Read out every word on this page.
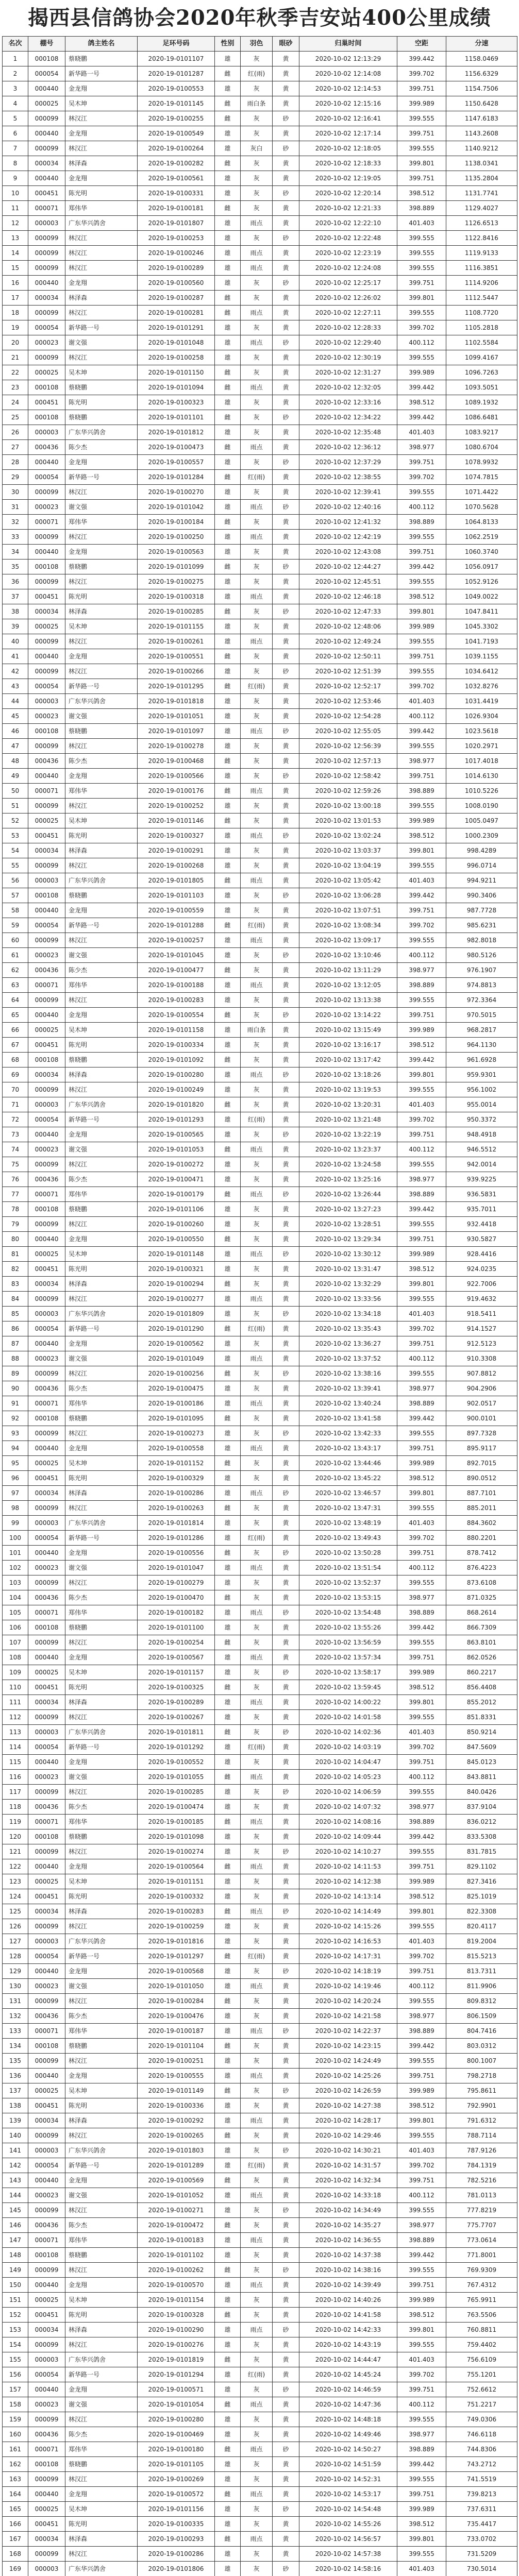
揭西县信鸽协会2020年秋季吉安站400公里成绩
名次	棚号	鸽主姓名	足环号码	性别	羽色	眼砂	归巢时间	空距	分速
1	000108	蔡晓鹏	2020-19-0101107	雄	灰	黄	2020-10-02 12:13:29	399.442	1158.0469
2	000054	新华路一号	2020-19-0101287	雌	红(雨)	黄	2020-10-02 12:14:08	399.702	1156.6329
3	000440	金龙翔	2020-19-0100553	雄	灰	黄	2020-10-02 12:14:53	399.751	1154.7506
4	000025	吴木坤	2020-19-0101145	雌	雨白条	黄	2020-10-02 12:15:16	399.989	1150.6428
5	000099	林汉江	2020-19-0100255	雌	灰	砂	2020-10-02 12:16:41	399.555	1147.6183
6	000440	金龙翔	2020-19-0100549	雄	灰	黄	2020-10-02 12:17:14	399.751	1143.2608
7	000099	林汉江	2020-19-0100264	雄	灰白	砂	2020-10-02 12:18:05	399.555	1140.9212
8	000034	林泽森	2020-19-0100282	雌	灰	黄	2020-10-02 12:18:33	399.801	1138.0341
9	000440	金龙翔	2020-19-0100561	雄	灰	黄	2020-10-02 12:19:05	399.751	1135.2804
10	000451	陈光明	2020-19-0100331	雄	灰	砂	2020-10-02 12:20:14	398.512	1131.7741
11	000071	郑伟华	2020-19-0100181	雌	灰	黄	2020-10-02 12:21:33	398.889	1129.4027
12	000003	广东华兴鸽舍	2020-19-0101807	雄	雨点	黄	2020-10-02 12:22:10	401.403	1126.6513
13	000099	林汉江	2020-19-0100253	雄	灰	砂	2020-10-02 12:22:48	399.555	1122.8416
14	000099	林汉江	2020-19-0100246	雄	雨点	黄	2020-10-02 12:23:19	399.555	1119.9133
15	000099	林汉江	2020-19-0100289	雄	雨点	黄	2020-10-02 12:24:08	399.555	1116.3851
16	000440	金龙翔	2020-19-0100560	雄	灰	砂	2020-10-02 12:25:17	399.751	1114.9206
17	000034	林泽森	2020-19-0100287	雌	灰	黄	2020-10-02 12:26:02	399.801	1112.5447
18	000099	林汉江	2020-19-0100281	雌	雨点	黄	2020-10-02 12:27:11	399.555	1108.7720
19	000054	新华路一号	2020-19-0101291	雄	灰	黄	2020-10-02 12:28:33	399.702	1105.2818
20	000023	谢文强	2020-19-0101048	雄	雨点	砂	2020-10-02 12:29:40	400.112	1102.5584
21	000099	林汉江	2020-19-0100258	雄	灰	黄	2020-10-02 12:30:19	399.555	1099.4167
22	000025	吴木坤	2020-19-0101150	雌	灰	黄	2020-10-02 12:31:27	399.989	1096.7263
23	000108	蔡晓鹏	2020-19-0101094	雌	雨点	黄	2020-10-02 12:32:05	399.442	1093.5051
24	000451	陈光明	2020-19-0100323	雄	灰	黄	2020-10-02 12:33:16	398.512	1089.1932
25	000108	蔡晓鹏	2020-19-0101101	雌	灰	砂	2020-10-02 12:34:22	399.442	1086.6481
26	000003	广东华兴鸽舍	2020-19-0101812	雄	灰	黄	2020-10-02 12:35:48	401.403	1083.9217
27	000436	陈少杰	2020-19-0100473	雌	雨点	黄	2020-10-02 12:36:12	398.977	1080.6704
28	000440	金龙翔	2020-19-0100557	雄	灰	砂	2020-10-02 12:37:29	399.751	1078.9932
29	000054	新华路一号	2020-19-0101284	雌	红(雨)	黄	2020-10-02 12:38:55	399.702	1074.7815
30	000099	林汉江	2020-19-0100270	雄	灰	黄	2020-10-02 12:39:41	399.555	1071.4422
31	000023	谢文强	2020-19-0101042	雄	雨点	砂	2020-10-02 12:40:16	400.112	1070.5628
32	000071	郑伟华	2020-19-0100184	雌	灰	黄	2020-10-02 12:41:32	398.889	1064.8133
33	000099	林汉江	2020-19-0100250	雄	雨点	黄	2020-10-02 12:42:19	399.555	1062.2519
34	000440	金龙翔	2020-19-0100563	雄	灰	黄	2020-10-02 12:43:08	399.751	1060.3740
35	000108	蔡晓鹏	2020-19-0101099	雌	灰	砂	2020-10-02 12:44:27	399.442	1056.0917
36	000099	林汉江	2020-19-0100275	雄	灰	黄	2020-10-02 12:45:51	399.555	1052.9126
37	000451	陈光明	2020-19-0100318	雄	雨点	黄	2020-10-02 12:46:18	398.512	1049.0022
38	000034	林泽森	2020-19-0100285	雌	灰	砂	2020-10-02 12:47:33	399.801	1047.8411
39	000025	吴木坤	2020-19-0101155	雄	灰	黄	2020-10-02 12:48:06	399.989	1045.3302
40	000099	林汉江	2020-19-0100261	雄	雨点	黄	2020-10-02 12:49:24	399.555	1041.7193
41	000440	金龙翔	2020-19-0100551	雌	灰	黄	2020-10-02 12:50:11	399.751	1039.1155
42	000099	林汉江	2020-19-0100266	雄	灰	砂	2020-10-02 12:51:39	399.555	1034.6412
43	000054	新华路一号	2020-19-0101295	雌	红(雨)	黄	2020-10-02 12:52:17	399.702	1032.8276
44	000003	广东华兴鸽舍	2020-19-0101818	雄	灰	黄	2020-10-02 12:53:46	401.403	1031.4419
45	000023	谢文强	2020-19-0101051	雄	灰	黄	2020-10-02 12:54:28	400.112	1026.9304
46	000108	蔡晓鹏	2020-19-0101097	雄	雨点	砂	2020-10-02 12:55:05	399.442	1023.5618
47	000099	林汉江	2020-19-0100278	雄	灰	黄	2020-10-02 12:56:39	399.555	1020.2971
48	000436	陈少杰	2020-19-0100468	雌	灰	黄	2020-10-02 12:57:13	398.977	1017.4018
49	000440	金龙翔	2020-19-0100566	雄	灰	砂	2020-10-02 12:58:42	399.751	1014.6130
50	000071	郑伟华	2020-19-0100176	雌	雨点	黄	2020-10-02 12:59:26	398.889	1010.5226
51	000099	林汉江	2020-19-0100252	雄	灰	黄	2020-10-02 13:00:18	399.555	1008.0190
52	000025	吴木坤	2020-19-0101146	雌	灰	黄	2020-10-02 13:01:53	399.989	1005.0497
53	000451	陈光明	2020-19-0100327	雄	雨点	砂	2020-10-02 13:02:24	398.512	1000.2309
54	000034	林泽森	2020-19-0100291	雄	灰	黄	2020-10-02 13:03:37	399.801	998.4289
55	000099	林汉江	2020-19-0100268	雄	灰	黄	2020-10-02 13:04:19	399.555	996.0714
56	000003	广东华兴鸽舍	2020-19-0101805	雌	雨点	黄	2020-10-02 13:05:42	401.403	994.9211
57	000108	蔡晓鹏	2020-19-0101103	雄	灰	砂	2020-10-02 13:06:28	399.442	990.3406
58	000440	金龙翔	2020-19-0100559	雄	灰	黄	2020-10-02 13:07:51	399.751	987.7728
59	000054	新华路一号	2020-19-0101288	雌	红(雨)	黄	2020-10-02 13:08:34	399.702	985.6231
60	000099	林汉江	2020-19-0100257	雄	雨点	黄	2020-10-02 13:09:17	399.555	982.8018
61	000023	谢文强	2020-19-0101045	雄	灰	砂	2020-10-02 13:10:46	400.112	980.5126
62	000436	陈少杰	2020-19-0100477	雌	灰	黄	2020-10-02 13:11:29	398.977	976.1907
63	000071	郑伟华	2020-19-0100188	雄	雨点	黄	2020-10-02 13:12:05	398.889	974.8813
64	000099	林汉江	2020-19-0100283	雄	灰	黄	2020-10-02 13:13:38	399.555	972.3364
65	000440	金龙翔	2020-19-0100554	雌	灰	砂	2020-10-02 13:14:22	399.751	970.5015
66	000025	吴木坤	2020-19-0101158	雄	雨白条	黄	2020-10-02 13:15:49	399.989	968.2817
67	000451	陈光明	2020-19-0100334	雄	灰	黄	2020-10-02 13:16:17	398.512	964.1130
68	000108	蔡晓鹏	2020-19-0101092	雌	灰	黄	2020-10-02 13:17:42	399.442	961.6928
69	000034	林泽森	2020-19-0100280	雄	雨点	砂	2020-10-02 13:18:26	399.801	959.9301
70	000099	林汉江	2020-19-0100249	雄	灰	黄	2020-10-02 13:19:53	399.555	956.1002
71	000003	广东华兴鸽舍	2020-19-0101820	雌	灰	黄	2020-10-02 13:20:31	401.403	955.0014
72	000054	新华路一号	2020-19-0101293	雄	红(雨)	黄	2020-10-02 13:21:48	399.702	950.3372
73	000440	金龙翔	2020-19-0100565	雄	灰	砂	2020-10-02 13:22:19	399.751	948.4918
74	000023	谢文强	2020-19-0101053	雌	雨点	黄	2020-10-02 13:23:37	400.112	946.5512
75	000099	林汉江	2020-19-0100272	雄	灰	黄	2020-10-02 13:24:58	399.555	942.0014
76	000436	陈少杰	2020-19-0100471	雄	灰	黄	2020-10-02 13:25:16	398.977	939.9225
77	000071	郑伟华	2020-19-0100179	雌	雨点	砂	2020-10-02 13:26:44	398.889	936.5831
78	000108	蔡晓鹏	2020-19-0101106	雄	灰	黄	2020-10-02 13:27:23	399.442	935.7011
79	000099	林汉江	2020-19-0100260	雄	灰	黄	2020-10-02 13:28:51	399.555	932.4418
80	000440	金龙翔	2020-19-0100550	雌	灰	黄	2020-10-02 13:29:34	399.751	930.5827
81	000025	吴木坤	2020-19-0101148	雄	雨点	砂	2020-10-02 13:30:12	399.989	928.4416
82	000451	陈光明	2020-19-0100321	雄	灰	黄	2020-10-02 13:31:47	398.512	924.0235
83	000034	林泽森	2020-19-0100294	雌	灰	黄	2020-10-02 13:32:29	399.801	922.7006
84	000099	林汉江	2020-19-0100277	雄	雨点	黄	2020-10-02 13:33:56	399.555	919.4632
85	000003	广东华兴鸽舍	2020-19-0101809	雄	灰	砂	2020-10-02 13:34:18	401.403	918.5411
86	000054	新华路一号	2020-19-0101290	雌	红(雨)	黄	2020-10-02 13:35:43	399.702	914.1527
87	000440	金龙翔	2020-19-0100562	雄	灰	黄	2020-10-02 13:36:27	399.751	912.5123
88	000023	谢文强	2020-19-0101049	雄	雨点	黄	2020-10-02 13:37:52	400.112	910.3308
89	000099	林汉江	2020-19-0100256	雌	灰	砂	2020-10-02 13:38:16	399.555	907.8812
90	000436	陈少杰	2020-19-0100475	雄	灰	黄	2020-10-02 13:39:41	398.977	904.2906
91	000071	郑伟华	2020-19-0100186	雄	雨点	黄	2020-10-02 13:40:24	398.889	902.0517
92	000108	蔡晓鹏	2020-19-0101095	雌	灰	黄	2020-10-02 13:41:58	399.442	900.0101
93	000099	林汉江	2020-19-0100273	雄	灰	砂	2020-10-02 13:42:33	399.555	897.7328
94	000440	金龙翔	2020-19-0100558	雄	雨点	黄	2020-10-02 13:43:17	399.751	895.9117
95	000025	吴木坤	2020-19-0101152	雌	灰	黄	2020-10-02 13:44:46	399.989	892.7015
96	000451	陈光明	2020-19-0100329	雄	灰	黄	2020-10-02 13:45:22	398.512	890.0512
97	000034	林泽森	2020-19-0100286	雄	雨点	砂	2020-10-02 13:46:57	399.801	887.7101
98	000099	林汉江	2020-19-0100263	雌	灰	黄	2020-10-02 13:47:31	399.555	885.2011
99	000003	广东华兴鸽舍	2020-19-0101814	雄	灰	黄	2020-10-02 13:48:19	401.403	884.3602
100	000054	新华路一号	2020-19-0101286	雄	红(雨)	黄	2020-10-02 13:49:43	399.702	880.2201
101	000440	金龙翔	2020-19-0100556	雌	灰	砂	2020-10-02 13:50:28	399.751	878.7412
102	000023	谢文强	2020-19-0101047	雄	雨点	黄	2020-10-02 13:51:54	400.112	876.4223
103	000099	林汉江	2020-19-0100279	雄	灰	黄	2020-10-02 13:52:37	399.555	873.6108
104	000436	陈少杰	2020-19-0100470	雌	灰	黄	2020-10-02 13:53:15	398.977	871.0325
105	000071	郑伟华	2020-19-0100182	雄	雨点	砂	2020-10-02 13:54:48	398.889	868.2614
106	000108	蔡晓鹏	2020-19-0101100	雄	灰	黄	2020-10-02 13:55:26	399.442	866.7309
107	000099	林汉江	2020-19-0100254	雌	灰	黄	2020-10-02 13:56:59	399.555	863.8101
108	000440	金龙翔	2020-19-0100567	雄	雨点	黄	2020-10-02 13:57:34	399.751	862.0526
109	000025	吴木坤	2020-19-0101157	雄	灰	砂	2020-10-02 13:58:17	399.989	860.2217
110	000451	陈光明	2020-19-0100325	雌	灰	黄	2020-10-02 13:59:45	398.512	856.4408
111	000034	林泽森	2020-19-0100289	雄	雨点	黄	2020-10-02 14:00:22	399.801	855.2012
112	000099	林汉江	2020-19-0100267	雄	灰	黄	2020-10-02 14:01:58	399.555	851.8331
113	000003	广东华兴鸽舍	2020-19-0101811	雌	灰	砂	2020-10-02 14:02:36	401.403	850.9214
114	000054	新华路一号	2020-19-0101292	雄	红(雨)	黄	2020-10-02 14:03:19	399.702	847.5609
115	000440	金龙翔	2020-19-0100552	雄	灰	黄	2020-10-02 14:04:47	399.751	845.0123
116	000023	谢文强	2020-19-0101055	雌	雨点	黄	2020-10-02 14:05:23	400.112	843.8811
117	000099	林汉江	2020-19-0100285	雄	灰	砂	2020-10-02 14:06:59	399.555	840.0426
118	000436	陈少杰	2020-19-0100474	雄	灰	黄	2020-10-02 14:07:32	398.977	837.9104
119	000071	郑伟华	2020-19-0100185	雌	雨点	黄	2020-10-02 14:08:16	398.889	836.0212
120	000108	蔡晓鹏	2020-19-0101098	雄	灰	黄	2020-10-02 14:09:44	399.442	833.5308
121	000099	林汉江	2020-19-0100274	雄	灰	砂	2020-10-02 14:10:27	399.555	831.7815
122	000440	金龙翔	2020-19-0100564	雌	雨点	黄	2020-10-02 14:11:53	399.751	829.1102
123	000025	吴木坤	2020-19-0101151	雄	灰	黄	2020-10-02 14:12:38	399.989	827.3416
124	000451	陈光明	2020-19-0100332	雄	灰	黄	2020-10-02 14:13:14	398.512	825.1019
125	000034	林泽森	2020-19-0100283	雌	雨点	砂	2020-10-02 14:14:49	399.801	822.3308
126	000099	林汉江	2020-19-0100259	雄	灰	黄	2020-10-02 14:15:26	399.555	820.4117
127	000003	广东华兴鸽舍	2020-19-0101816	雄	灰	黄	2020-10-02 14:16:53	401.403	819.2004
128	000054	新华路一号	2020-19-0101297	雌	红(雨)	黄	2020-10-02 14:17:31	399.702	815.5213
129	000440	金龙翔	2020-19-0100568	雄	灰	砂	2020-10-02 14:18:19	399.751	813.7311
130	000023	谢文强	2020-19-0101050	雄	雨点	黄	2020-10-02 14:19:46	400.112	811.9906
131	000099	林汉江	2020-19-0100284	雌	灰	黄	2020-10-02 14:20:24	399.555	809.8312
132	000436	陈少杰	2020-19-0100476	雄	灰	黄	2020-10-02 14:21:58	398.977	806.1509
133	000071	郑伟华	2020-19-0100187	雄	雨点	砂	2020-10-02 14:22:37	398.889	804.7416
134	000108	蔡晓鹏	2020-19-0101104	雌	灰	黄	2020-10-02 14:23:15	399.442	803.0312
135	000099	林汉江	2020-19-0100251	雄	灰	黄	2020-10-02 14:24:49	399.555	800.1007
136	000440	金龙翔	2020-19-0100555	雄	雨点	黄	2020-10-02 14:25:26	399.751	798.2718
137	000025	吴木坤	2020-19-0101149	雌	灰	砂	2020-10-02 14:26:59	399.989	795.8611
138	000451	陈光明	2020-19-0100336	雄	灰	黄	2020-10-02 14:27:38	398.512	792.9901
139	000034	林泽森	2020-19-0100292	雄	雨点	黄	2020-10-02 14:28:17	399.801	791.6312
140	000099	林汉江	2020-19-0100265	雌	灰	黄	2020-10-02 14:29:46	399.555	788.7114
141	000003	广东华兴鸽舍	2020-19-0101803	雄	灰	砂	2020-10-02 14:30:21	401.403	787.9126
142	000054	新华路一号	2020-19-0101289	雄	红(雨)	黄	2020-10-02 14:31:57	399.702	784.1319
143	000440	金龙翔	2020-19-0100569	雌	灰	黄	2020-10-02 14:32:34	399.751	782.5216
144	000023	谢文强	2020-19-0101052	雄	雨点	黄	2020-10-02 14:33:18	400.112	781.0113
145	000099	林汉江	2020-19-0100271	雄	灰	砂	2020-10-02 14:34:49	399.555	777.8219
146	000436	陈少杰	2020-19-0100472	雌	灰	黄	2020-10-02 14:35:27	398.977	775.7707
147	000071	郑伟华	2020-19-0100183	雄	雨点	黄	2020-10-02 14:36:55	398.889	773.0614
148	000108	蔡晓鹏	2020-19-0101102	雄	灰	黄	2020-10-02 14:37:38	399.442	771.8001
149	000099	林汉江	2020-19-0100262	雌	灰	砂	2020-10-02 14:38:16	399.555	769.9309
150	000440	金龙翔	2020-19-0100570	雄	雨点	黄	2020-10-02 14:39:49	399.751	767.4312
151	000025	吴木坤	2020-19-0101154	雄	灰	黄	2020-10-02 14:40:26	399.989	765.9911
152	000451	陈光明	2020-19-0100328	雌	灰	黄	2020-10-02 14:41:58	398.512	763.5506
153	000034	林泽森	2020-19-0100290	雄	雨点	砂	2020-10-02 14:42:33	399.801	760.8811
154	000099	林汉江	2020-19-0100276	雄	灰	黄	2020-10-02 14:43:19	399.555	759.4402
155	000003	广东华兴鸽舍	2020-19-0101819	雌	灰	黄	2020-10-02 14:44:47	401.403	756.6109
156	000054	新华路一号	2020-19-0101294	雄	红(雨)	黄	2020-10-02 14:45:24	399.702	755.1201
157	000440	金龙翔	2020-19-0100571	雄	灰	砂	2020-10-02 14:46:59	399.751	752.6612
158	000023	谢文强	2020-19-0101054	雌	雨点	黄	2020-10-02 14:47:36	400.112	751.2217
159	000099	林汉江	2020-19-0100280	雄	灰	黄	2020-10-02 14:48:18	399.555	749.0306
160	000436	陈少杰	2020-19-0100469	雄	灰	黄	2020-10-02 14:49:46	398.977	746.6118
161	000071	郑伟华	2020-19-0100180	雌	雨点	砂	2020-10-02 14:50:27	398.889	744.8306
162	000108	蔡晓鹏	2020-19-0101105	雄	灰	黄	2020-10-02 14:51:59	399.442	743.2712
163	000099	林汉江	2020-19-0100269	雄	灰	黄	2020-10-02 14:52:31	399.555	741.5519
164	000440	金龙翔	2020-19-0100572	雌	雨点	黄	2020-10-02 14:53:17	399.751	739.8213
165	000025	吴木坤	2020-19-0101156	雄	灰	砂	2020-10-02 14:54:48	399.989	737.6311
166	000451	陈光明	2020-19-0100335	雄	灰	黄	2020-10-02 14:55:26	398.512	735.4417
167	000034	林泽森	2020-19-0100293	雌	雨点	黄	2020-10-02 14:56:57	399.801	733.0702
168	000099	林汉江	2020-19-0100286	雄	灰	黄	2020-10-02 14:57:38	399.555	731.5209
169	000003	广东华兴鸽舍	2020-19-0101806	雄	灰	砂	2020-10-02 14:58:16	401.403	730.5014
